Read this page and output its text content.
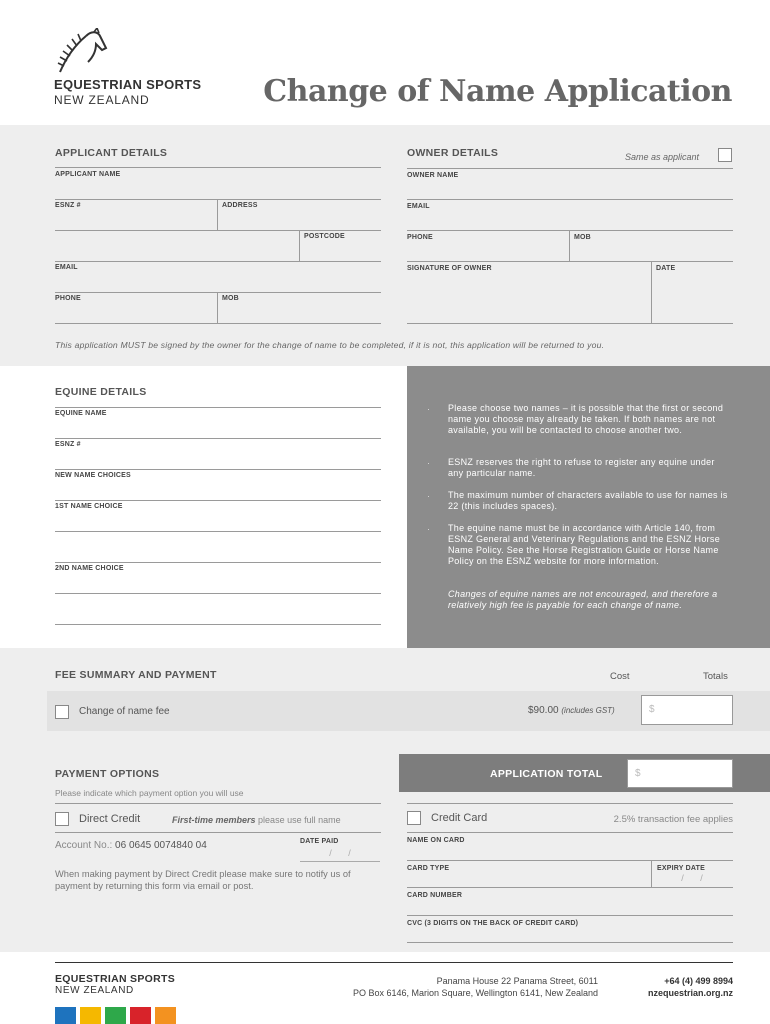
EQUESTRIAN SPORTS
NEW ZEALAND	Change of Name Application
APPLICANT DETAILS
APPLICANT NAME
ESNZ #	ADDRESS
POSTCODE
EMAIL
PHONE	MOB
OWNER DETAILS	Same as applicant
OWNER NAME
EMAIL
PHONE	MOB
SIGNATURE OF OWNER	DATE
This application MUST be signed by the owner for the change of name to be completed, if it is not, this application will be returned to you.
EQUINE DETAILS
EQUINE NAME
ESNZ #
NEW NAME CHOICES
1ST NAME CHOICE
2ND NAME CHOICE
· Please choose two names – it is possible that the first or second name you choose may already be taken. If both names are not available, you will be contacted to choose another two.

· ESNZ reserves the right to refuse to register any equine under any particular name.

· The maximum number of characters available to use for names is 22 (this includes spaces).

· The equine name must be in accordance with Article 140, from ESNZ General and Veterinary Regulations and the ESNZ Horse Name Policy. See the Horse Registration Guide or Horse Name Policy on the ESNZ website for more information.

Changes of equine names are not encouraged, and therefore a relatively high fee is payable for each change of name.

FEE SUMMARY AND PAYMENT	Cost	Totals
Change of name fee	$90.00 (includes GST)	$
APPLICATION TOTAL	$
PAYMENT OPTIONS
Please indicate which payment option you will use
Direct Credit	First-time members please use full name
DATE PAID
/ /
Account No.: 06 0645 0074840 04
When making payment by Direct Credit please make sure to notify us of payment by returning this form via email or post.
Credit Card	2.5% transaction fee applies
NAME ON CARD
CARD TYPE	EXPIRY DATE
/ /
CARD NUMBER
CVC (3 DIGITS ON THE BACK OF CREDIT CARD)
EQUESTRIAN SPORTS
NEW ZEALAND
Panama House 22 Panama Street, 6011
PO Box 6146, Marion Square, Wellington 6141, New Zealand
+64 (4) 499 8994
nzequestrian.org.nz
